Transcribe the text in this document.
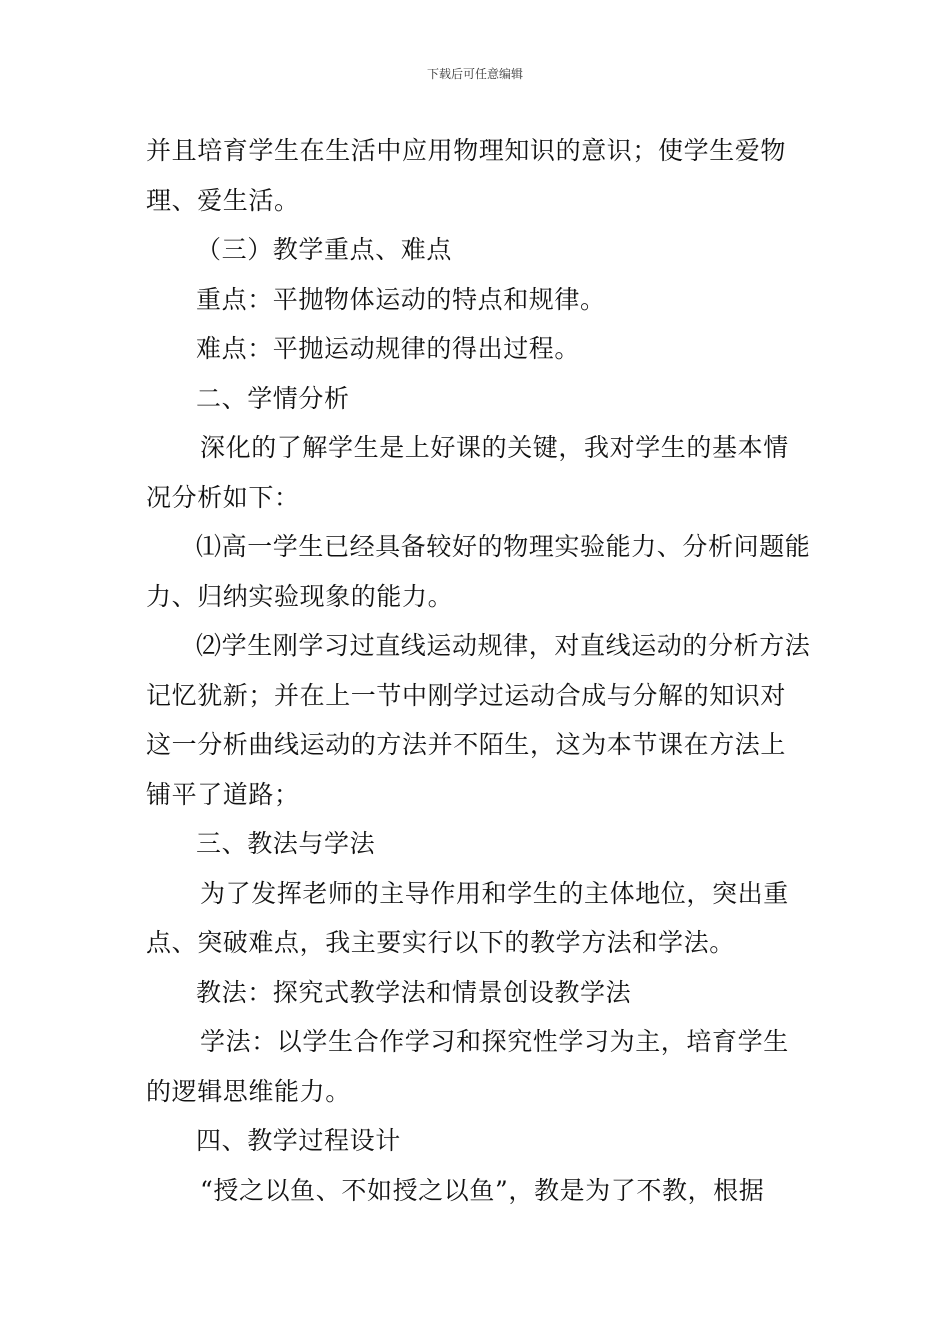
下载后可任意编辑

并且培育学生在生活中应用物理知识的意识；使学生爱物理、爱生活。

（三）教学重点、难点

重点：平抛物体运动的特点和规律。

难点：平抛运动规律的得出过程。

二、学情分析

深化的了解学生是上好课的关键，我对学生的基本情况分析如下：

⑴高一学生已经具备较好的物理实验能力、分析问题能力、归纳实验现象的能力。

⑵学生刚学习过直线运动规律，对直线运动的分析方法记忆犹新；并在上一节中刚学过运动合成与分解的知识对这一分析曲线运动的方法并不陌生，这为本节课在方法上铺平了道路；

三、教法与学法

为了发挥老师的主导作用和学生的主体地位，突出重点、突破难点，我主要实行以下的教学方法和学法。

教法：探究式教学法和情景创设教学法

学法：以学生合作学习和探究性学习为主，培育学生的逻辑思维能力。

四、教学过程设计

“授之以鱼、不如授之以鱼”，教是为了不教，根据
